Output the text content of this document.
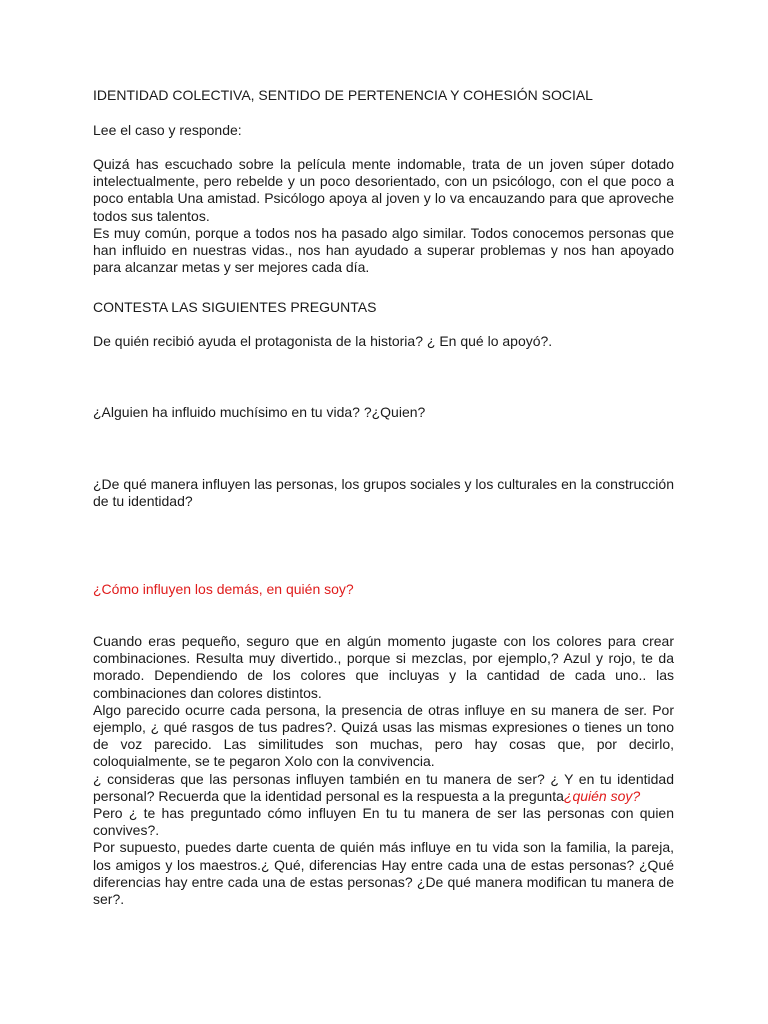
IDENTIDAD COLECTIVA, SENTIDO DE PERTENENCIA Y COHESIÓN SOCIAL

Lee el caso y responde:

Quizá has escuchado sobre la película mente indomable, trata de un joven súper dotado intelectualmente, pero rebelde y un poco desorientado, con un psicólogo, con el que poco a poco entabla Una amistad. Psicólogo apoya al joven y lo va encauzando para que aproveche todos sus talentos.
Es muy común, porque a todos nos ha pasado algo similar. Todos conocemos personas que han influido en nuestras vidas., nos han ayudado a superar problemas y nos han apoyado para alcanzar metas y ser mejores cada día.

CONTESTA LAS SIGUIENTES PREGUNTAS

De quién recibió ayuda el protagonista de la historia? ¿ En qué lo apoyó?.

¿Alguien ha influido muchísimo en tu vida? ?¿Quien?

¿De qué manera influyen las personas, los grupos sociales y los culturales en la construcción de tu identidad?

¿Cómo influyen los demás, en quién soy?

Cuando eras pequeño, seguro que en algún momento jugaste con los colores para crear combinaciones. Resulta muy divertido., porque si mezclas, por ejemplo,? Azul y rojo, te da morado. Dependiendo de los colores que incluyas y la cantidad de cada uno.. las combinaciones dan colores distintos.
Algo parecido ocurre cada persona, la presencia de otras influye en su manera de ser. Por ejemplo, ¿ qué rasgos de tus padres?. Quizá usas las mismas expresiones o tienes un tono de voz parecido. Las similitudes son muchas, pero hay cosas que, por decirlo, coloquialmente, se te pegaron Xolo con la convivencia.
¿ consideras que las personas influyen también en tu manera de ser? ¿ Y en tu identidad personal? Recuerda que la identidad personal es la respuesta a la pregunta¿quién soy?
Pero ¿ te has preguntado cómo influyen En tu tu manera de ser las personas con quien convives?.
Por supuesto, puedes darte cuenta de quién más influye en tu vida son la familia, la pareja, los amigos y los maestros.¿ Qué, diferencias Hay entre cada una de estas personas? ¿Qué diferencias hay entre cada una de estas personas? ¿De qué manera modifican tu manera de ser?.
